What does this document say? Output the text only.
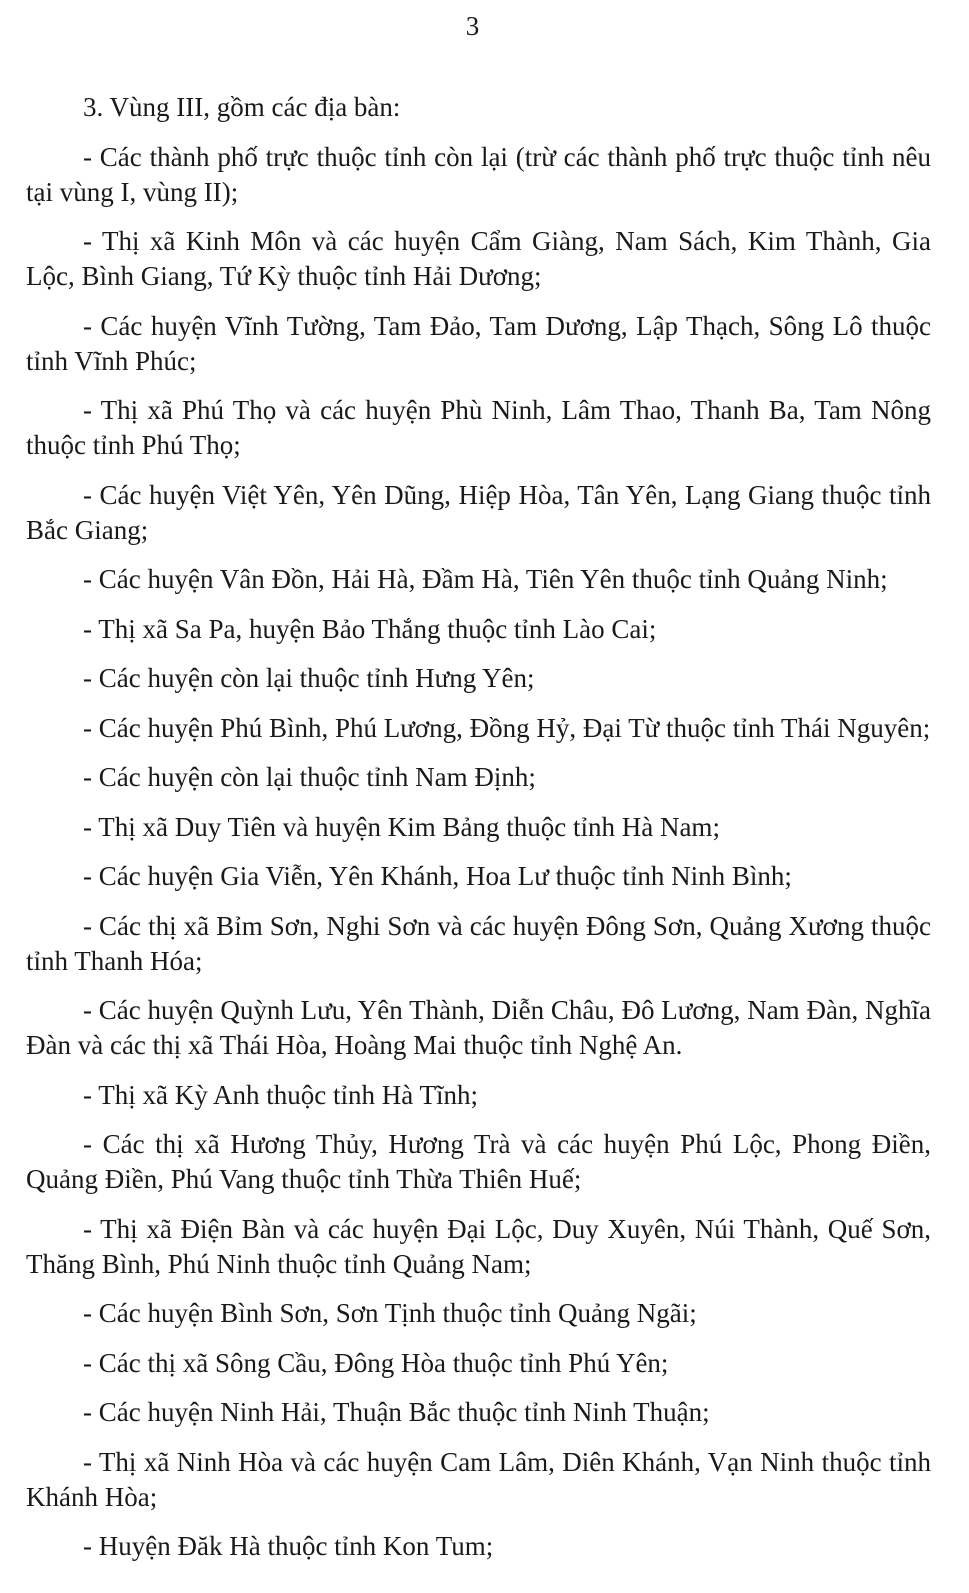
3

3. Vùng III, gồm các địa bàn:

- Các thành phố trực thuộc tỉnh còn lại (trừ các thành phố trực thuộc tỉnh nêu tại vùng I, vùng II);

- Thị xã Kinh Môn và các huyện Cẩm Giàng, Nam Sách, Kim Thành, Gia Lộc, Bình Giang, Tứ Kỳ thuộc tỉnh Hải Dương;

- Các huyện Vĩnh Tường, Tam Đảo, Tam Dương, Lập Thạch, Sông Lô thuộc tỉnh Vĩnh Phúc;

- Thị xã Phú Thọ và các huyện Phù Ninh, Lâm Thao, Thanh Ba, Tam Nông thuộc tỉnh Phú Thọ;

- Các huyện Việt Yên, Yên Dũng, Hiệp Hòa, Tân Yên, Lạng Giang thuộc tỉnh Bắc Giang;

- Các huyện Vân Đồn, Hải Hà, Đầm Hà, Tiên Yên thuộc tỉnh Quảng Ninh;

- Thị xã Sa Pa, huyện Bảo Thắng thuộc tỉnh Lào Cai;

- Các huyện còn lại thuộc tỉnh Hưng Yên;

- Các huyện Phú Bình, Phú Lương, Đồng Hỷ, Đại Từ thuộc tỉnh Thái Nguyên;

- Các huyện còn lại thuộc tỉnh Nam Định;

- Thị xã Duy Tiên và huyện Kim Bảng thuộc tỉnh Hà Nam;

- Các huyện Gia Viễn, Yên Khánh, Hoa Lư thuộc tỉnh Ninh Bình;

- Các thị xã Bỉm Sơn, Nghi Sơn và các huyện Đông Sơn, Quảng Xương thuộc tỉnh Thanh Hóa;

- Các huyện Quỳnh Lưu, Yên Thành, Diễn Châu, Đô Lương, Nam Đàn, Nghĩa Đàn và các thị xã Thái Hòa, Hoàng Mai thuộc tỉnh Nghệ An.

- Thị xã Kỳ Anh thuộc tỉnh Hà Tĩnh;

- Các thị xã Hương Thủy, Hương Trà và các huyện Phú Lộc, Phong Điền, Quảng Điền, Phú Vang thuộc tỉnh Thừa Thiên Huế;

- Thị xã Điện Bàn và các huyện Đại Lộc, Duy Xuyên, Núi Thành, Quế Sơn, Thăng Bình, Phú Ninh thuộc tỉnh Quảng Nam;

- Các huyện Bình Sơn, Sơn Tịnh thuộc tỉnh Quảng Ngãi;

- Các thị xã Sông Cầu, Đông Hòa thuộc tỉnh Phú Yên;

- Các huyện Ninh Hải, Thuận Bắc thuộc tỉnh Ninh Thuận;

- Thị xã Ninh Hòa và các huyện Cam Lâm, Diên Khánh, Vạn Ninh thuộc tỉnh Khánh Hòa;

- Huyện Đăk Hà thuộc tỉnh Kon Tum;
